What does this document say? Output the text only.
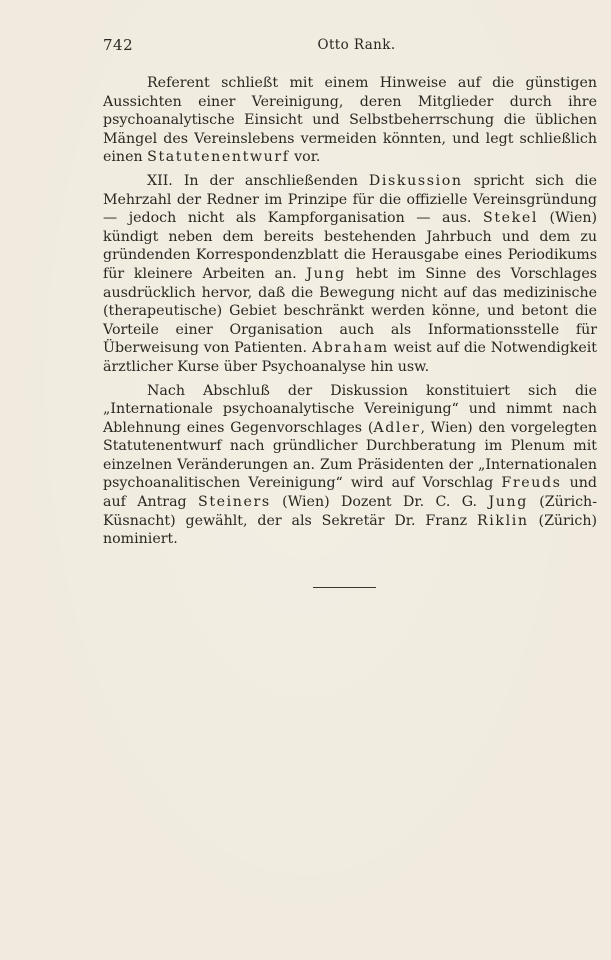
742	Otto Rank.

Referent schließt mit einem Hinweise auf die günstigen Aussichten einer Vereinigung, deren Mitglieder durch ihre psychoanalytische Einsicht und Selbstbeherrschung die üblichen Mängel des Vereinslebens vermeiden könnten, und legt schließlich einen Statutenentwurf vor.

XII. In der anschließenden Diskussion spricht sich die Mehrzahl der Redner im Prinzipe für die offizielle Vereinsgründung — jedoch nicht als Kampforganisation — aus. Stekel (Wien) kündigt neben dem bereits bestehenden Jahrbuch und dem zu gründenden Korrespondenzblatt die Herausgabe eines Periodikums für kleinere Arbeiten an. Jung hebt im Sinne des Vorschlages ausdrücklich hervor, daß die Bewegung nicht auf das medizinische (therapeutische) Gebiet beschränkt werden könne, und betont die Vorteile einer Organisation auch als Informationsstelle für Überweisung von Patienten. Abraham weist auf die Notwendigkeit ärztlicher Kurse über Psychoanalyse hin usw.

Nach Abschluß der Diskussion konstituiert sich die „Internationale psychoanalytische Vereinigung“ und nimmt nach Ablehnung eines Gegenvorschlages (Adler, Wien) den vorgelegten Statutenentwurf nach gründlicher Durchberatung im Plenum mit einzelnen Veränderungen an. Zum Präsidenten der „Internationalen psychoanalitischen Vereinigung“ wird auf Vorschlag Freuds und auf Antrag Steiners (Wien) Dozent Dr. C. G. Jung (Zürich-Küsnacht) gewählt, der als Sekretär Dr. Franz Riklin (Zürich) nominiert.
